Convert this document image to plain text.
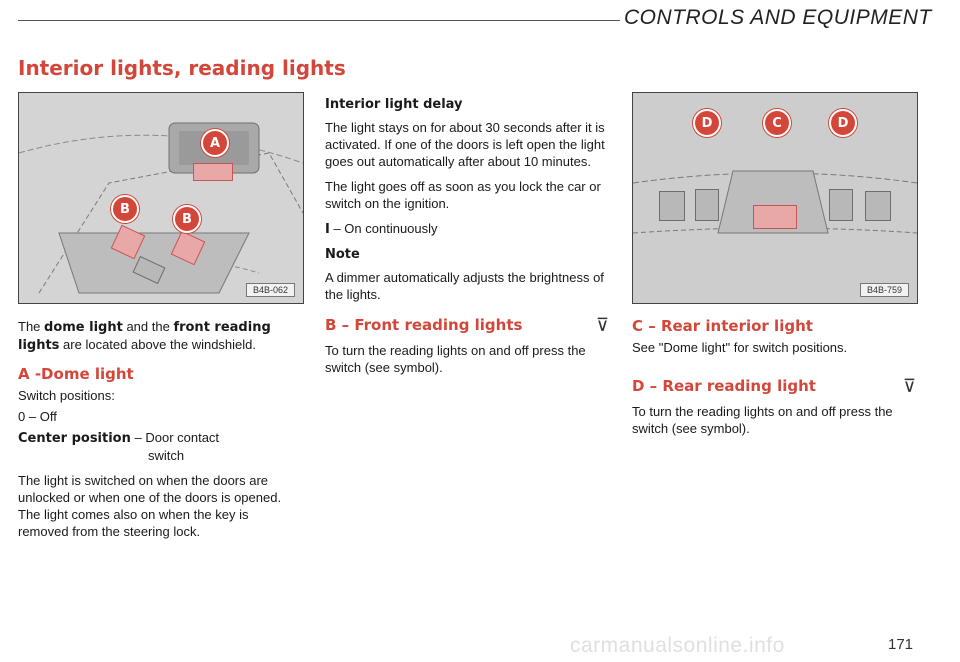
CONTROLS AND EQUIPMENT
Interior lights, reading lights
A
B
B
B4B-062
D	C	D
B4B-759

The dome light and the front reading lights are located above the windshield.

A -Dome light

Switch positions:

0 – Off

Center position – Door contact
switch

The light is switched on when the doors are unlocked or when one of the doors is opened. The light comes also on when the key is removed from the steering lock.

Interior light delay

The light stays on for about 30 seconds after it is activated. If one of the doors is left open the light goes out automatically after about 10 minutes.

The light goes off as soon as you lock the car or switch on the ignition.

I – On continuously

Note

A dimmer automatically adjusts the brightness of the lights.

B – Front reading lights	⊽

To turn the reading lights on and off press the switch (see symbol).

C – Rear interior light

See "Dome light" for switch positions.

D – Rear reading light	⊽

To turn the reading lights on and off press the switch (see symbol).

carmanualsonline.info	171
